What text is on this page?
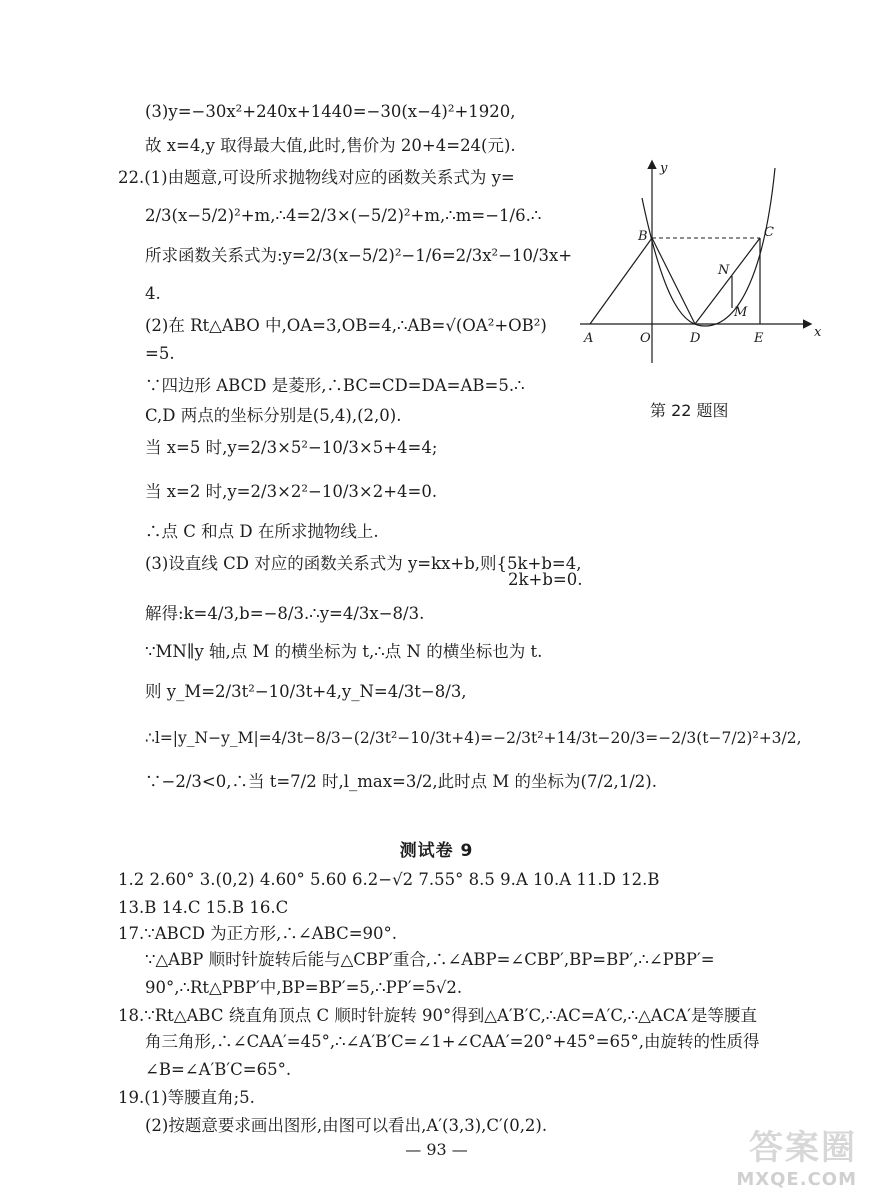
(3)y=−30x²+240x+1440=−30(x−4)²+1920,
故 x=4,y 取得最大值,此时,售价为 20+4=24(元).
22.(1)由题意,可设所求抛物线对应的函数关系式为 y=
2/3(x−5/2)²+m,∴4=2/3×(−5/2)²+m,∴m=−1/6.∴
所求函数关系式为:y=2/3(x−5/2)²−1/6=2/3x²−10/3x+
4.
(2)在 Rt△ABO 中,OA=3,OB=4,∴AB=√(OA²+OB²)
=5.
∵四边形 ABCD 是菱形,∴BC=CD=DA=AB=5.∴
C,D 两点的坐标分别是(5,4),(2,0).
当 x=5 时,y=2/3×5²−10/3×5+4=4;
当 x=2 时,y=2/3×2²−10/3×2+4=0.
∴点 C 和点 D 在所求抛物线上.
(3)设直线 CD 对应的函数关系式为 y=kx+b,则{5k+b=4,
2k+b=0.
解得:k=4/3,b=−8/3.∴y=4/3x−8/3.
∵MN∥y 轴,点 M 的横坐标为 t,∴点 N 的横坐标也为 t.
则 y_M=2/3t²−10/3t+4,y_N=4/3t−8/3,
∴l=|y_N−y_M|=4/3t−8/3−(2/3t²−10/3t+4)=−2/3t²+14/3t−20/3=−2/3(t−7/2)²+3/2,
∵−2/3<0,∴当 t=7/2 时,l_max=3/2,此时点 M 的坐标为(7/2,1/2).
y
x
A	O	D	E
B	C
N
M
第 22 题图
测试卷 9
1.2 2.60° 3.(0,2) 4.60° 5.60 6.2−√2 7.55° 8.5 9.A 10.A 11.D 12.B
13.B 14.C 15.B 16.C
17.∵ABCD 为正方形,∴∠ABC=90°.
∵△ABP 顺时针旋转后能与△CBP′重合,∴∠ABP=∠CBP′,BP=BP′,∴∠PBP′=
90°,∴Rt△PBP′中,BP=BP′=5,∴PP′=5√2.
18.∵Rt△ABC 绕直角顶点 C 顺时针旋转 90°得到△A′B′C,∴AC=A′C,∴△ACA′是等腰直
角三角形,∴∠CAA′=45°,∴∠A′B′C=∠1+∠CAA′=20°+45°=65°,由旋转的性质得
∠B=∠A′B′C=65°.
19.(1)等腰直角;5.
(2)按题意要求画出图形,由图可以看出,A′(3,3),C′(0,2).
— 93 —	答案圈
MXQE.COM
